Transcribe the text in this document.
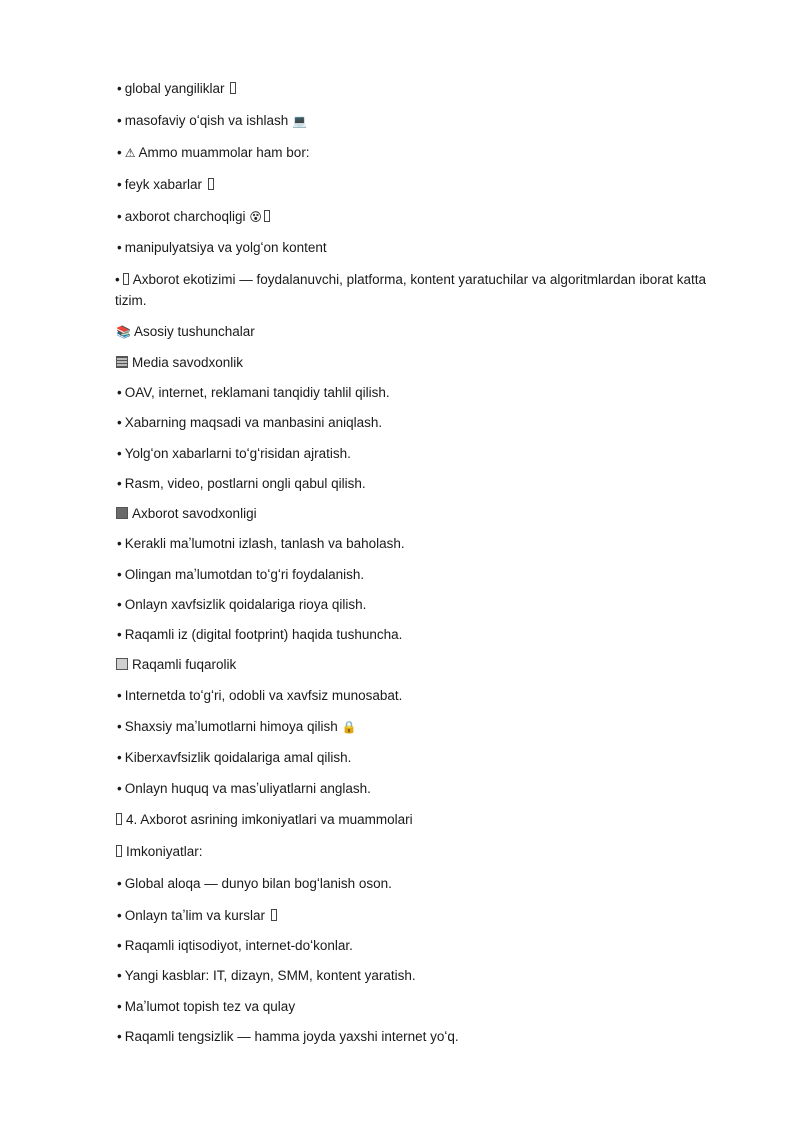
• global yangiliklar
• masofaviy oʻqish va ishlash 💻
• ⚠ Ammo muammolar ham bor:
• feyk xabarlar
• axborot charchoqligi 😵
• manipulyatsiya va yolgʻon kontent
• Axborot ekotizimi — foydalanuvchi, platforma, kontent yaratuchilar va algoritmlardan iborat katta tizim.
📚 Asosiy tushunchalar
Media savodxonlik
• OAV, internet, reklamani tanqidiy tahlil qilish.
• Xabarning maqsadi va manbasini aniqlash.
• Yolgʻon xabarlarni toʻgʻrisidan ajratish.
• Rasm, video, postlarni ongli qabul qilish.
Axborot savodxonligi
• Kerakli maʼlumotni izlash, tanlash va baholash.
• Olingan maʼlumotdan toʻgʻri foydalanish.
• Onlayn xavfsizlik qoidalariga rioya qilish.
• Raqamli iz (digital footprint) haqida tushuncha.
Raqamli fuqarolik
• Internetda toʻgʻri, odobli va xavfsiz munosabat.
• Shaxsiy maʼlumotlarni himoya qilish 🔒
• Kiberxavfsizlik qoidalariga amal qilish.
• Onlayn huquq va masʼuliyatlarni anglash.
4. Axborot asrining imkoniyatlari va muammolari
Imkoniyatlar:
• Global aloqa — dunyo bilan bogʻlanish oson.
• Onlayn taʼlim va kurslar
• Raqamli iqtisodiyot, internet-doʻkonlar.
• Yangi kasblar: IT, dizayn, SMM, kontent yaratish.
• Maʼlumot topish tez va qulay
• Raqamli tengsizlik — hamma joyda yaxshi internet yoʻq.
